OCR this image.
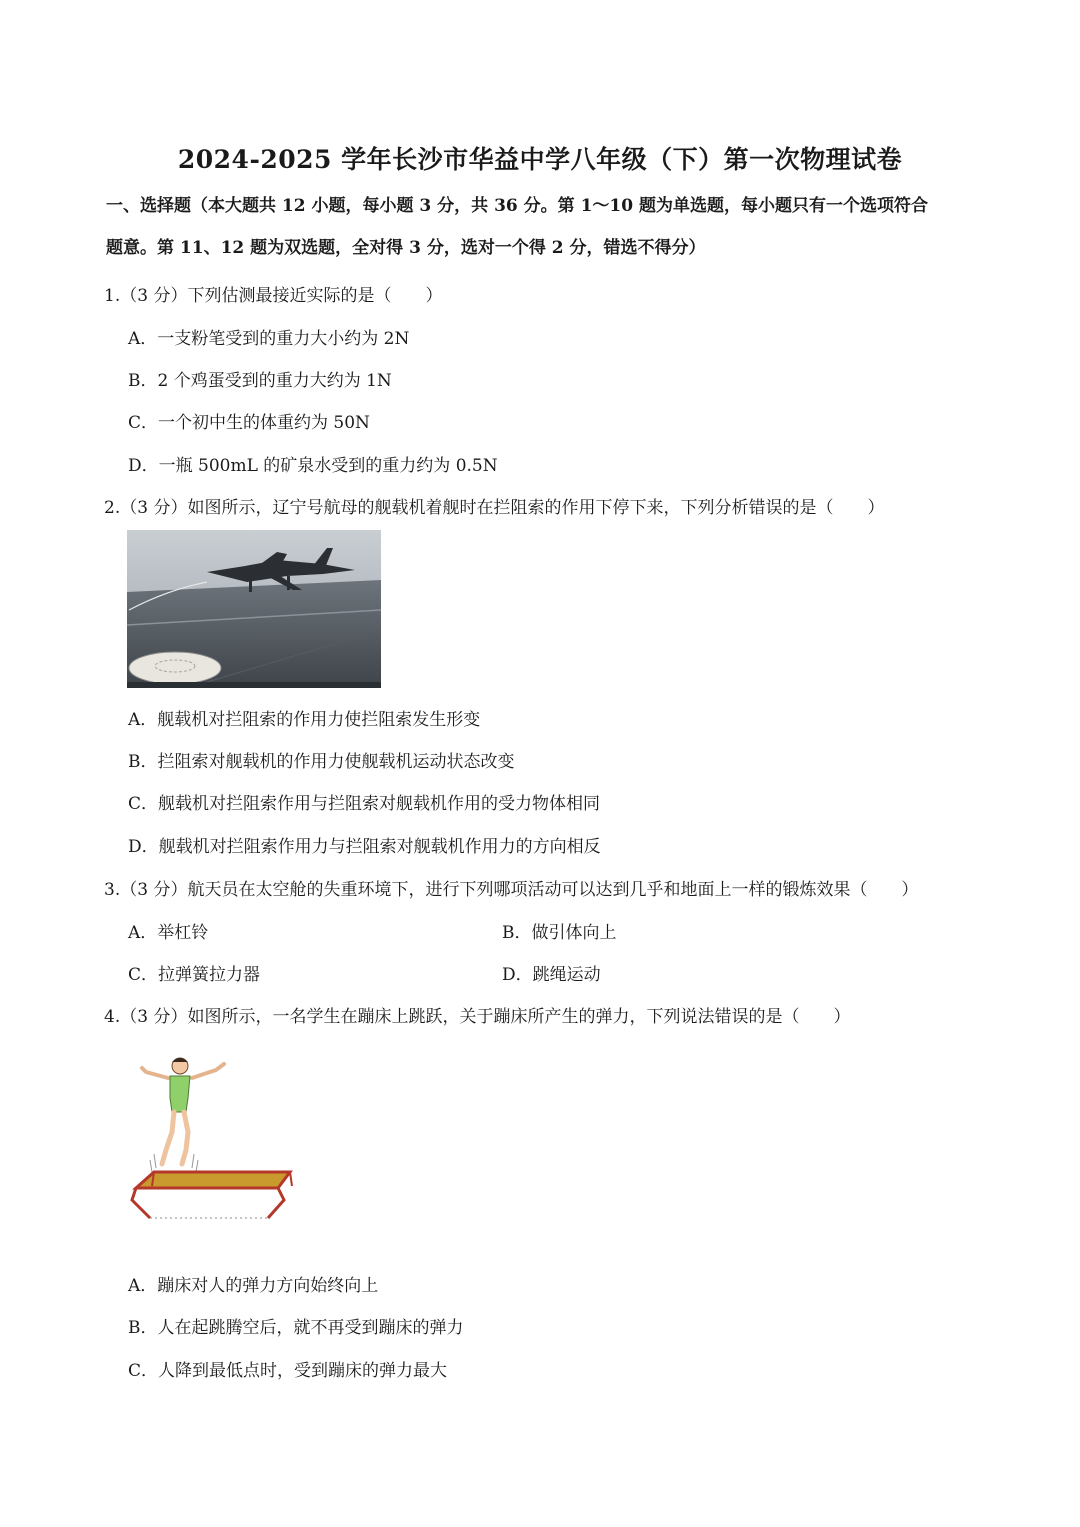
2024-2025 学年长沙市华益中学八年级（下）第一次物理试卷
一、选择题（本大题共 12 小题，每小题 3 分，共 36 分。第 1～10 题为单选题，每小题只有一个选项符合
题意。第 11、12 题为双选题，全对得 3 分，选对一个得 2 分，错选不得分）
1.（3 分）下列估测最接近实际的是（　　）
A．一支粉笔受到的重力大小约为 2N
B．2 个鸡蛋受到的重力大约为 1N
C．一个初中生的体重约为 50N
D．一瓶 500mL 的矿泉水受到的重力约为 0.5N
2.（3 分）如图所示，辽宁号航母的舰载机着舰时在拦阻索的作用下停下来，下列分析错误的是（　　）
A．舰载机对拦阻索的作用力使拦阻索发生形变
B．拦阻索对舰载机的作用力使舰载机运动状态改变
C．舰载机对拦阻索作用与拦阻索对舰载机作用的受力物体相同
D．舰载机对拦阻索作用力与拦阻索对舰载机作用力的方向相反
3.（3 分）航天员在太空舱的失重环境下，进行下列哪项活动可以达到几乎和地面上一样的锻炼效果（　　）
A．举杠铃	B．做引体向上
C．拉弹簧拉力器	D．跳绳运动
4.（3 分）如图所示，一名学生在蹦床上跳跃，关于蹦床所产生的弹力，下列说法错误的是（　　）
A．蹦床对人的弹力方向始终向上
B．人在起跳腾空后，就不再受到蹦床的弹力
C．人降到最低点时，受到蹦床的弹力最大
